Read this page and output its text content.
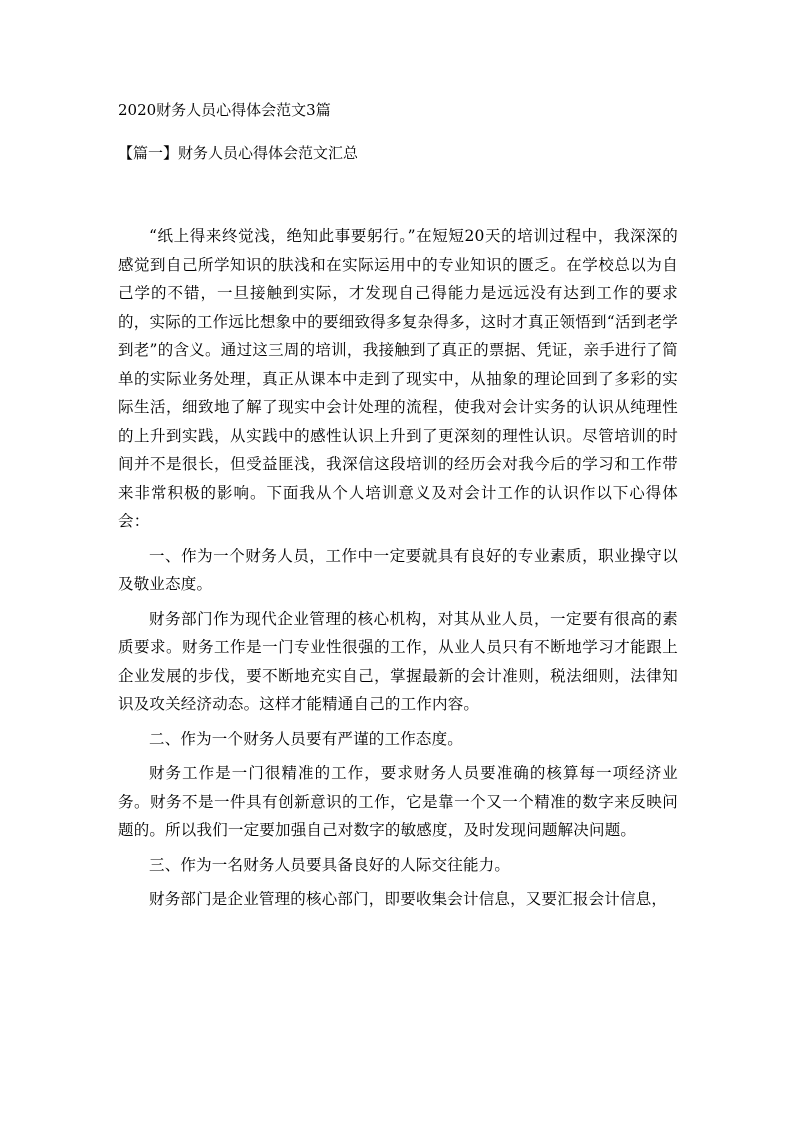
2020财务人员心得体会范文3篇
【篇一】财务人员心得体会范文汇总

“纸上得来终觉浅，绝知此事要躬行。”在短短20天的培训过程中，我深深的感觉到自己所学知识的肤浅和在实际运用中的专业知识的匮乏。在学校总以为自己学的不错，一旦接触到实际，才发现自己得能力是远远没有达到工作的要求的，实际的工作远比想象中的要细致得多复杂得多，这时才真正领悟到“活到老学到老”的含义。通过这三周的培训，我接触到了真正的票据、凭证，亲手进行了简单的实际业务处理，真正从课本中走到了现实中，从抽象的理论回到了多彩的实际生活，细致地了解了现实中会计处理的流程，使我对会计实务的认识从纯理性的上升到实践，从实践中的感性认识上升到了更深刻的理性认识。尽管培训的时间并不是很长，但受益匪浅，我深信这段培训的经历会对我今后的学习和工作带来非常积极的影响。下面我从个人培训意义及对会计工作的认识作以下心得体会：

一、作为一个财务人员，工作中一定要就具有良好的专业素质，职业操守以及敬业态度。

财务部门作为现代企业管理的核心机构，对其从业人员，一定要有很高的素质要求。财务工作是一门专业性很强的工作，从业人员只有不断地学习才能跟上企业发展的步伐，要不断地充实自己，掌握最新的会计准则，税法细则，法律知识及攻关经济动态。这样才能精通自己的工作内容。

二、作为一个财务人员要有严谨的工作态度。

财务工作是一门很精准的工作，要求财务人员要准确的核算每一项经济业务。财务不是一件具有创新意识的工作，它是靠一个又一个精准的数字来反映问题的。所以我们一定要加强自己对数字的敏感度，及时发现问题解决问题。

三、作为一名财务人员要具备良好的人际交往能力。

财务部门是企业管理的核心部门，即要收集会计信息，又要汇报会计信息，
